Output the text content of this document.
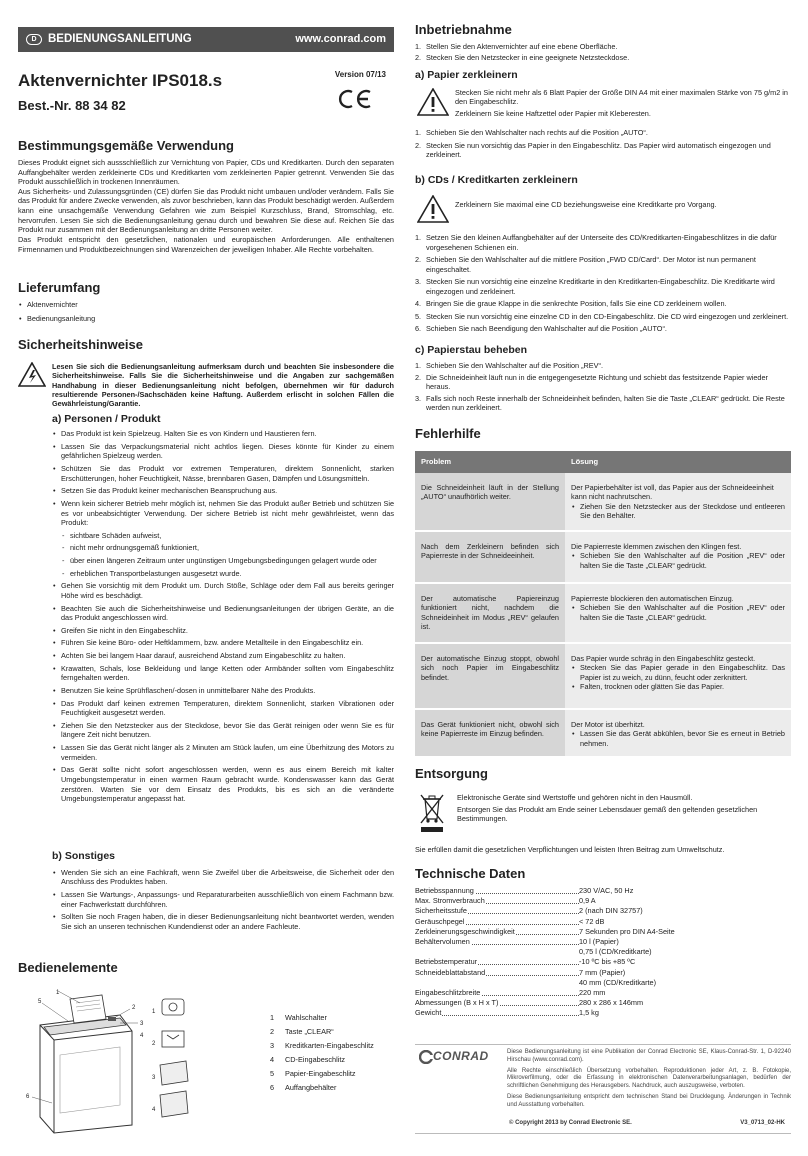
D BEDIENUNGSANLEITUNG	www.conrad.com
Aktenvernichter IPS018.s	Version 07/13
Best.-Nr. 88 34 82
Bestimmungsgemäße Verwendung

Dieses Produkt eignet sich aussschließlich zur Vernichtung von Papier, CDs und Kreditkarten. Durch den separaten Auffangbehälter werden zerkleinerte CDs und Kreditkarten vom zerkleinerten Papier getrennt. Verwenden Sie das Produkt ausschließlich in trockenen Innenräumen.

Aus Sicherheits- und Zulassungsgründen (CE) dürfen Sie das Produkt nicht umbauen und/oder verändern. Falls Sie das Produkt für andere Zwecke verwenden, als zuvor beschrieben, kann das Produkt beschädigt werden. Außerdem kann eine unsachgemäße Verwendung Gefahren wie zum Beispiel Kurzschluss, Brand, Stromschlag, etc. hervorrufen. Lesen Sie sich die Bedienungsanleitung genau durch und bewahren Sie diese auf. Reichen Sie das Produkt nur zusammen mit der Bedienungsanleitung an dritte Personen weiter.

Das Produkt entspricht den gesetzlichen, nationalen und europäischen Anforderungen. Alle enthaltenen Firmennamen und Produktbezeichnungen sind Warenzeichen der jeweiligen Inhaber. Alle Rechte vorbehalten.

Lieferumfang
• Aktenvernichter
• Bedienungsanleitung
Sicherheitshinweise

Lesen Sie sich die Bedienungsanleitung aufmerksam durch und beachten Sie insbesondere die Sicherheitshinweise. Falls Sie die Sicherheitshinweise und die Angaben zur sachgemäßen Handhabung in dieser Bedienungsanleitung nicht befolgen, übernehmen wir für dadurch resultierende Personen-/Sachschäden keine Haftung. Außerdem erlischt in solchen Fällen die Gewährleistung/Garantie.

a) Personen / Produkt
• Das Produkt ist kein Spielzeug. Halten Sie es von Kindern und Haustieren fern.
• Lassen Sie das Verpackungsmaterial nicht achtlos liegen. Dieses könnte für Kinder zu einem gefährlichen Spielzeug werden.
• Schützen Sie das Produkt vor extremen Temperaturen, direktem Sonnenlicht, starken Erschütterungen, hoher Feuchtigkeit, Nässe, brennbaren Gasen, Dämpfen und Lösungsmitteln.
• Setzen Sie das Produkt keiner mechanischen Beanspruchung aus.
• Wenn kein sicherer Betrieb mehr möglich ist, nehmen Sie das Produkt außer Betrieb und schützen Sie es vor unbeabsichtigter Verwendung. Der sichere Betrieb ist nicht mehr gewährleistet, wenn das Produkt:
- sichtbare Schäden aufweist,
- nicht mehr ordnungsgemäß funktioniert,
- über einen längeren Zeitraum unter ungünstigen Umgebungsbedingungen gelagert wurde oder
- erheblichen Transportbelastungen ausgesetzt wurde.
• Gehen Sie vorsichtig mit dem Produkt um. Durch Stöße, Schläge oder dem Fall aus bereits geringer Höhe wird es beschädigt.
• Beachten Sie auch die Sicherheitshinweise und Bedienungsanleitungen der übrigen Geräte, an die das Produkt angeschlossen wird.
• Greifen Sie nicht in den Eingabeschlitz.
• Führen Sie keine Büro- oder Heftklammern, bzw. andere Metallteile in den Eingabeschlitz ein.
• Achten Sie bei langem Haar darauf, ausreichend Abstand zum Eingabeschlitz zu halten.
• Krawatten, Schals, lose Bekleidung und lange Ketten oder Armbänder sollten vom Eingabeschlitz ferngehalten werden.
• Benutzen Sie keine Sprühflaschen/-dosen in unmittelbarer Nähe des Produkts.
• Das Produkt darf keinen extremen Temperaturen, direktem Sonnenlicht, starken Vibrationen oder Feuchtigkeit ausgesetzt werden.
• Ziehen Sie den Netzstecker aus der Steckdose, bevor Sie das Gerät reinigen oder wenn Sie es für längere Zeit nicht benutzen.
• Lassen Sie das Gerät nicht länger als 2 Minuten am Stück laufen, um eine Überhitzung des Motors zu vermeiden.
• Das Gerät sollte nicht sofort angeschlossen werden, wenn es aus einem Bereich mit kalter Umgebungstemperatur in einen warmen Raum gebracht wurde. Kondenswasser kann das Gerät zerstören. Warten Sie vor dem Einsatz des Produkts, bis es sich an die veränderte Umgebungstemperatur angepasst hat.
b) Sonstiges
• Wenden Sie sich an eine Fachkraft, wenn Sie Zweifel über die Arbeitsweise, die Sicherheit oder den Anschluss des Produktes haben.
• Lassen Sie Wartungs-, Anpassungs- und Reparaturarbeiten ausschließlich von einem Fachmann bzw. einer Fachwerkstatt durchführen.
• Sollten Sie noch Fragen haben, die in dieser Bedienungsanleitung nicht beantwortet werden, wenden Sie sich an unseren technischen Kundendienst oder an andere Fachleute.
Bedienelemente
1
2
3
4
5
6
1
2
3
4
1	Wahlschalter
2	Taste „CLEAR“
3	Kreditkarten-Eingabeschlitz
4	CD-Eingabeschlitz
5	Papier-Eingabeschlitz
6	Auffangbehälter
Inbetriebnahme
1. Stellen Sie den Aktenvernichter auf eine ebene Oberfläche.
2. Stecken Sie den Netzstecker in eine geeignete Netzsteckdose.
a) Papier zerkleinern

Stecken Sie nicht mehr als 6 Blatt Papier der Größe DIN A4 mit einer maximalen Stärke von 75 g/m2 in den Eingabeschlitz.

Zerkleinern Sie keine Haftzettel oder Papier mit Kleberesten.

1. Schieben Sie den Wahlschalter nach rechts auf die Position „AUTO“.
2. Stecken Sie nun vorsichtig das Papier in den Eingabeschlitz. Das Papier wird automatisch eingezogen und zerkleinert.
b) CDs / Kreditkarten zerkleinern

Zerkleinern Sie maximal eine CD beziehungsweise eine Kreditkarte pro Vorgang.

1. Setzen Sie den kleinen Auffangbehälter auf der Unterseite des CD/Kreditkarten-Eingabeschlitzes in die dafür vorgesehenen Schienen ein.
2. Schieben Sie den Wahlschalter auf die mittlere Position „FWD CD/Card“. Der Motor ist nun permanent eingeschaltet.
3. Stecken Sie nun vorsichtig eine einzelne Kreditkarte in den Kreditkarten-Eingabeschlitz. Die Kreditkarte wird eingezogen und zerkleinert.
4. Bringen Sie die graue Klappe in die senkrechte Position, falls Sie eine CD zerkleinern wollen.
5. Stecken Sie nun vorsichtig eine einzelne CD in den CD-Eingabeschlitz. Die CD wird eingezogen und zerkleinert.
6. Schieben Sie nach Beendigung den Wahlschalter auf die Position „AUTO“.
c) Papierstau beheben
1. Schieben Sie den Wahlschalter auf die Position „REV“.
2. Die Schneideinheit läuft nun in die entgegengesetzte Richtung und schiebt das festsitzende Papier wieder heraus.
3. Falls sich noch Reste innerhalb der Schneideinheit befinden, halten Sie die Taste „CLEAR“ gedrückt. Die Reste werden nun zerkleinert.
Fehlerhilfe
Problem	Lösung
Die Schneideinheit läuft in der Stellung „AUTO“ unaufhörlich weiter.	Der Papierbehälter ist voll, das Papier aus der Schneideeinheit kann nicht nachrutschen.
• Ziehen Sie den Netzstecker aus der Steckdose und entleeren Sie den Behälter.

Nach dem Zerkleinern befinden sich Papierreste in der Schneideeinheit.	Die Papierreste klemmen zwischen den Klingen fest.
• Schieben Sie den Wahlschalter auf die Position „REV“ oder halten Sie die Taste „CLEAR“ gedrückt.

Der automatische Papiereinzug funktioniert nicht, nachdem die Schneideinheit im Modus „REV“ gelaufen ist.	Papierreste blockieren den automatischen Einzug.
• Schieben Sie den Wahlschalter auf die Position „REV“ oder halten Sie die Taste „CLEAR“ gedrückt.

Der automatische Einzug stoppt, obwohl sich noch Papier im Eingabeschlitz befindet.	Das Papier wurde schräg in den Eingabeschlitz gesteckt.
• Stecken Sie das Papier gerade in den Eingabeschlitz. Das Papier ist zu weich, zu dünn, feucht oder zerknittert.
• Falten, trocknen oder glätten Sie das Papier.

Das Gerät funktioniert nicht, obwohl sich keine Papierreste im Einzug befinden.	Der Motor ist überhitzt.
• Lassen Sie das Gerät abkühlen, bevor Sie es erneut in Betrieb nehmen.
Entsorgung

Elektronische Geräte sind Wertstoffe und gehören nicht in den Hausmüll.

Entsorgen Sie das Produkt am Ende seiner Lebensdauer gemäß den geltenden gesetzlichen Bestimmungen.

Sie erfüllen damit die gesetzlichen Verpflichtungen und leisten Ihren Beitrag zum Umweltschutz.

Technische Daten
Betriebsspannung	230 V/AC, 50 Hz
Max. Stromverbrauch	0,9 A
Sicherheitsstufe	2 (nach DIN 32757)
Geräuschpegel	< 72 dB
Zerkleinerungsgeschwindigkeit	7 Sekunden pro DIN A4-Seite
Behältervolumen	10 l (Papier)
0,75 l (CD/Kreditkarte)
Betriebstemperatur	-10 ºC bis +85 ºC
Schneideblattabstand	7 mm (Papier)
40 mm (CD/Kreditkarte)
Eingabeschlitzbreite	220 mm
Abmessungen (B x H x T)	280 x 286 x 146mm
Gewicht	1,5 kg
CONRAD	Diese Bedienungsanleitung ist eine Publikation der Conrad Electronic SE, Klaus-Conrad-Str. 1, D-92240 Hirschau (www.conrad.com).
Alle Rechte einschließlich Übersetzung vorbehalten. Reproduktionen jeder Art, z. B. Fotokopie, Mikroverfilmung, oder die Erfassung in elektronischen Datenverarbeitungsanlagen, bedürfen der schriftlichen Genehmigung des Herausgebers. Nachdruck, auch auszugsweise, verboten.
Diese Bedienungsanleitung entspricht dem technischen Stand bei Drucklegung. Änderungen in Technik und Ausstattung vorbehalten.
© Copyright 2013 by Conrad Electronic SE.	V3_0713_02-HK
